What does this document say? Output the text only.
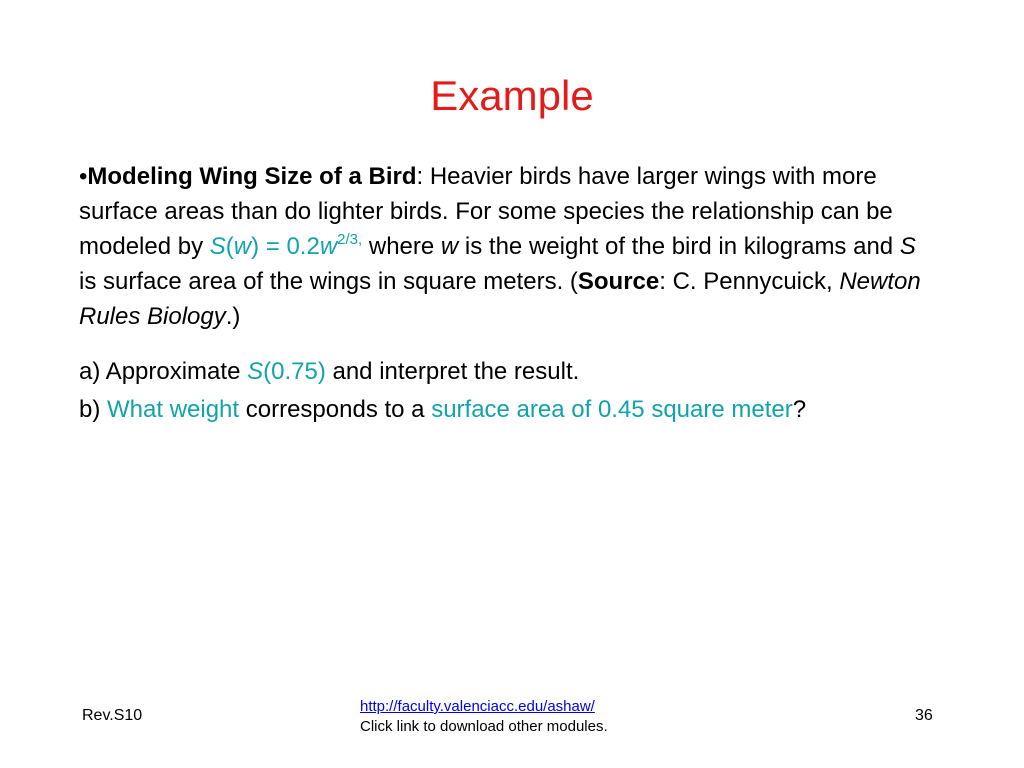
Example

•Modeling Wing Size of a Bird: Heavier birds have larger wings with more surface areas than do lighter birds. For some species the relationship can be modeled by $S(w) = 0.2w^{2/3,}$ where w is the weight of the bird in kilograms and S is surface area of the wings in square meters. (Source: C. Pennycuick, Newton Rules Biology.)

a) Approximate S(0.75) and interpret the result.

b) What weight corresponds to a surface area of 0.45 square meter?

Rev.S10
http://faculty.valenciacc.edu/ashaw/
Click link to download other modules.
36
